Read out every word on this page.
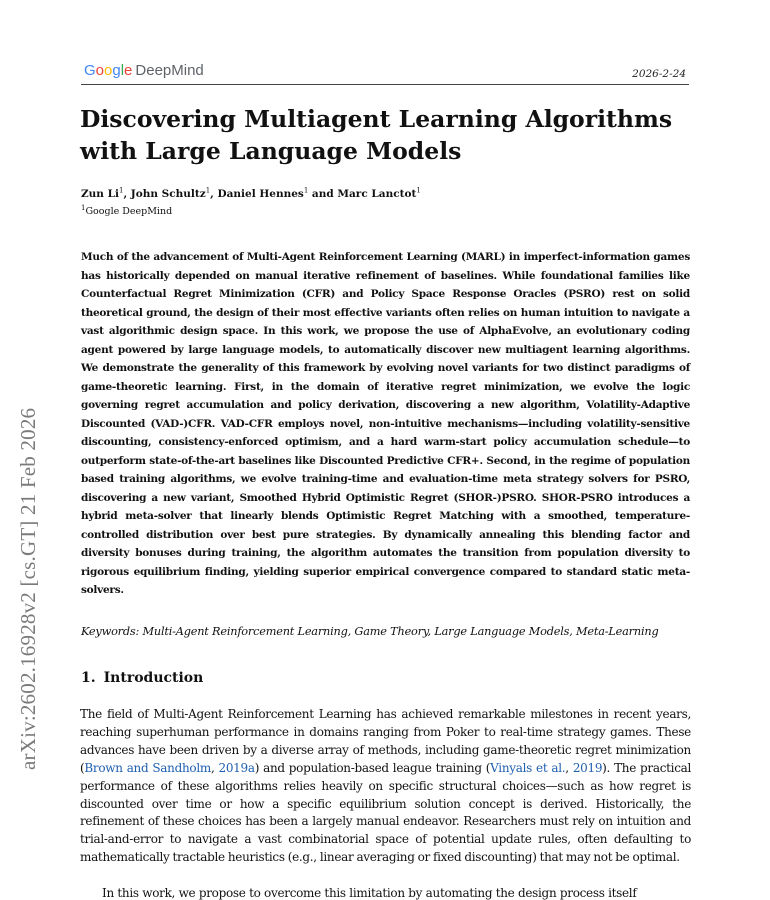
Google DeepMind	2026-2-24
arXiv:2602.16928v2 [cs.GT] 21 Feb 2026
Discovering Multiagent Learning Algorithms with Large Language Models
Zun Li$^1$, John Schultz$^1$, Daniel Hennes$^1$ and Marc Lanctot$^1$
$^1$Google DeepMind
Much of the advancement of Multi-Agent Reinforcement Learning (MARL) in imperfect-information games has historically depended on manual iterative refinement of baselines. While foundational families like Counterfactual Regret Minimization (CFR) and Policy Space Response Oracles (PSRO) rest on solid theoretical ground, the design of their most effective variants often relies on human intuition to navigate a vast algorithmic design space. In this work, we propose the use of AlphaEvolve, an evolutionary coding agent powered by large language models, to automatically discover new multiagent learning algorithms. We demonstrate the generality of this framework by evolving novel variants for two distinct paradigms of game-theoretic learning. First, in the domain of iterative regret minimization, we evolve the logic governing regret accumulation and policy derivation, discovering a new algorithm, Volatility-Adaptive Discounted (VAD-)CFR. VAD-CFR employs novel, non-intuitive mechanisms—including volatility-sensitive discounting, consistency-enforced optimism, and a hard warm-start policy accumulation schedule—to outperform state-of-the-art baselines like Discounted Predictive CFR+. Second, in the regime of population based training algorithms, we evolve training-time and evaluation-time meta strategy solvers for PSRO, discovering a new variant, Smoothed Hybrid Optimistic Regret (SHOR-)PSRO. SHOR-PSRO introduces a hybrid meta-solver that linearly blends Optimistic Regret Matching with a smoothed, temperature-controlled distribution over best pure strategies. By dynamically annealing this blending factor and diversity bonuses during training, the algorithm automates the transition from population diversity to rigorous equilibrium finding, yielding superior empirical convergence compared to standard static meta-solvers.
Keywords: Multi-Agent Reinforcement Learning, Game Theory, Large Language Models, Meta-Learning
1. Introduction
The field of Multi-Agent Reinforcement Learning has achieved remarkable milestones in recent years, reaching superhuman performance in domains ranging from Poker to real-time strategy games. These advances have been driven by a diverse array of methods, including game-theoretic regret minimization (Brown and Sandholm, 2019a) and population-based league training (Vinyals et al., 2019). The practical performance of these algorithms relies heavily on specific structural choices—such as how regret is discounted over time or how a specific equilibrium solution concept is derived. Historically, the refinement of these choices has been a largely manual endeavor. Researchers must rely on intuition and trial-and-error to navigate a vast combinatorial space of potential update rules, often defaulting to mathematically tractable heuristics (e.g., linear averaging or fixed discounting) that may not be optimal.
In this work, we propose to overcome this limitation by automating the design process itself
